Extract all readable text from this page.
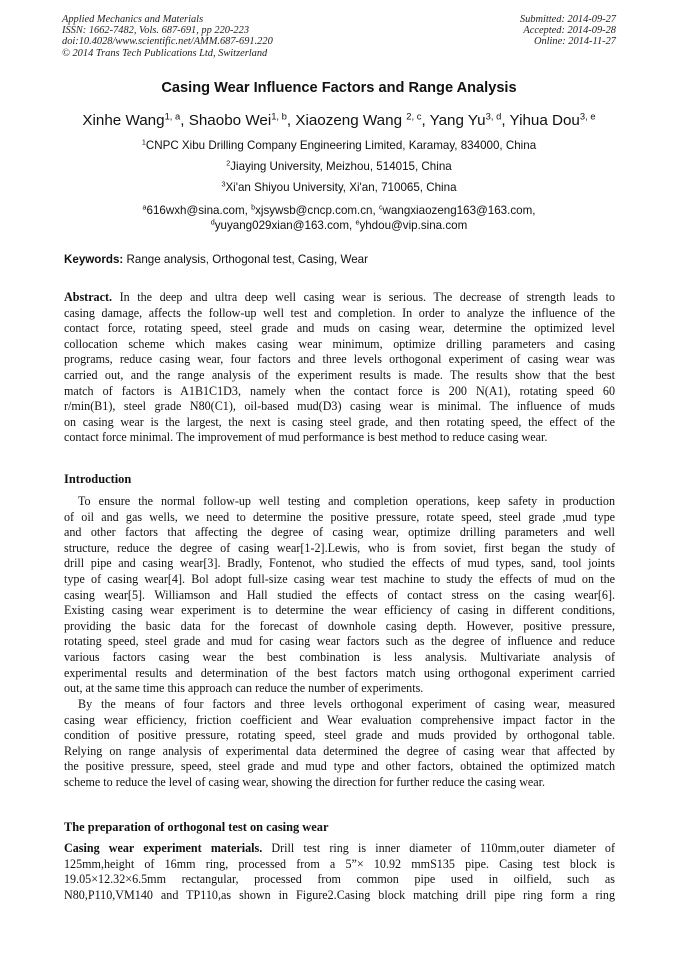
Applied Mechanics and Materials
ISSN: 1662-7482, Vols. 687-691, pp 220-223
doi:10.4028/www.scientific.net/AMM.687-691.220
© 2014 Trans Tech Publications Ltd, Switzerland
Submitted: 2014-09-27
Accepted: 2014-09-28
Online: 2014-11-27
Casing Wear Influence Factors and Range Analysis
Xinhe Wang$^{1, a}$, Shaobo Wei$^{1, b}$, Xiaozeng Wang $^{2, c}$, Yang Yu$^{3, d}$, Yihua Dou$^{3, e}$
$^1$CNPC Xibu Drilling Company Engineering Limited, Karamay, 834000, China
$^2$Jiaying University, Meizhou, 514015, China
$^3$Xi'an Shiyou University, Xi'an, 710065, China
$^a$616wxh@sina.com, $^b$xjsywsb@cncp.com.cn, $^c$wangxiaozeng163@163.com,
$^d$yuyang029xian@163.com, $^e$yhdou@vip.sina.com
Keywords: Range analysis, Orthogonal test, Casing, Wear
Abstract. In the deep and ultra deep well casing wear is serious. The decrease of strength leads to
casing damage, affects the follow-up well test and completion. In order to analyze the influence of the
contact force, rotating speed, steel grade and muds on casing wear, determine the optimized level
collocation scheme which makes casing wear minimum, optimize drilling parameters and casing
programs, reduce casing wear, four factors and three levels orthogonal experiment of casing wear was
carried out, and the range analysis of the experiment results is made. The results show that the best
match of factors is A1B1C1D3, namely when the contact force is 200 N(A1), rotating speed 60
r/min(B1), steel grade N80(C1), oil-based mud(D3) casing wear is minimal. The influence of muds
on casing wear is the largest, the next is casing steel grade, and then rotating speed, the effect of the
contact force minimal. The improvement of mud performance is best method to reduce casing wear.
Introduction
To ensure the normal follow-up well testing and completion operations, keep safety in production
of oil and gas wells, we need to determine the positive pressure, rotate speed, steel grade ,mud type
and other factors that affecting the degree of casing wear, optimize drilling parameters and well
structure, reduce the degree of casing wear[1-2].Lewis, who is from soviet, first began the study of
drill pipe and casing wear[3]. Bradly, Fontenot, who studied the effects of mud types, sand, tool joints
type of casing wear[4]. Bol adopt full-size casing wear test machine to study the effects of mud on the
casing wear[5]. Williamson and Hall studied the effects of contact stress on the casing wear[6].
Existing casing wear experiment is to determine the wear efficiency of casing in different conditions,
providing the basic data for the forecast of downhole casing depth. However, positive pressure,
rotating speed, steel grade and mud for casing wear factors such as the degree of influence and reduce
various factors casing wear the best combination is less analysis. Multivariate analysis of
experimental results and determination of the best factors match using orthogonal experiment carried
out, at the same time this approach can reduce the number of experiments.
By the means of four factors and three levels orthogonal experiment of casing wear, measured
casing wear efficiency, friction coefficient and Wear evaluation comprehensive impact factor in the
condition of positive pressure, rotating speed, steel grade and muds provided by orthogonal table.
Relying on range analysis of experimental data determined the degree of casing wear that affected by
the positive pressure, speed, steel grade and mud type and other factors, obtained the optimized match
scheme to reduce the level of casing wear, showing the direction for further reduce the casing wear.
The preparation of orthogonal test on casing wear
Casing wear experiment materials. Drill test ring is inner diameter of 110mm,outer diameter of
125mm,height of 16mm ring, processed from a 5”× 10.92 mmS135 pipe. Casing test block is
19.05×12.32×6.5mm rectangular, processed from common pipe used in oilfield, such as
N80,P110,VM140 and TP110,as shown in Figure2.Casing block matching drill pipe ring form a ring
